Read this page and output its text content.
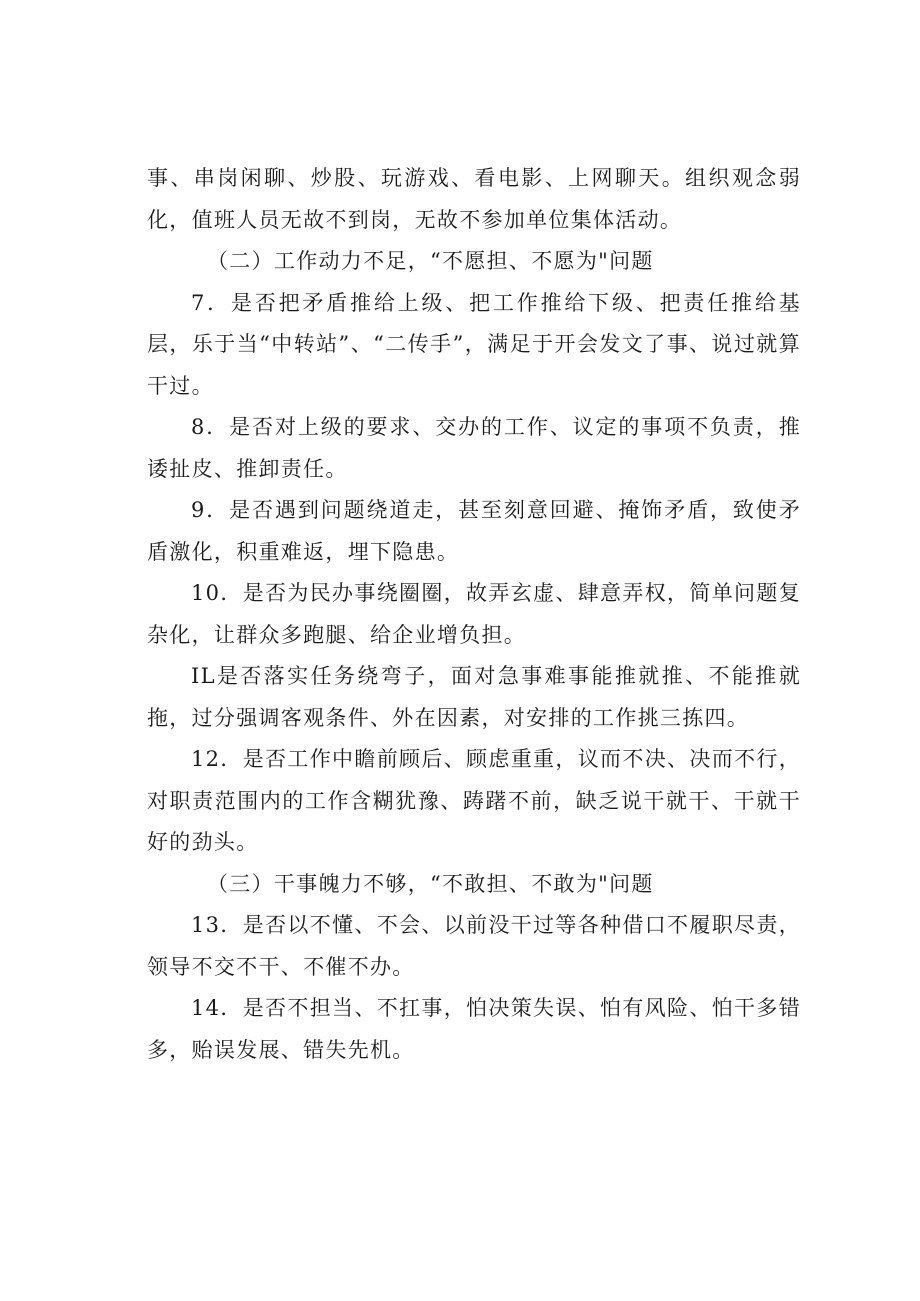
事、串岗闲聊、炒股、玩游戏、看电影、上网聊天。组织观念弱化，值班人员无故不到岗，无故不参加单位集体活动。

（二）工作动力不足，“不愿担、不愿为"问题

7．是否把矛盾推给上级、把工作推给下级、把责任推给基层，乐于当“中转站”、“二传手”，满足于开会发文了事、说过就算干过。

8．是否对上级的要求、交办的工作、议定的事项不负责，推诿扯皮、推卸责任。

9．是否遇到问题绕道走，甚至刻意回避、掩饰矛盾，致使矛盾激化，积重难返，埋下隐患。

10．是否为民办事绕圈圈，故弄玄虚、肆意弄权，简单问题复杂化，让群众多跑腿、给企业增负担。

IL是否落实任务绕弯子，面对急事难事能推就推、不能推就拖，过分强调客观条件、外在因素，对安排的工作挑三拣四。

12．是否工作中瞻前顾后、顾虑重重，议而不决、决而不行，对职责范围内的工作含糊犹豫、踌躇不前，缺乏说干就干、干就干好的劲头。

（三）干事魄力不够，“不敢担、不敢为"问题

13．是否以不懂、不会、以前没干过等各种借口不履职尽责，领导不交不干、不催不办。

14．是否不担当、不扛事，怕决策失误、怕有风险、怕干多错多，贻误发展、错失先机。
